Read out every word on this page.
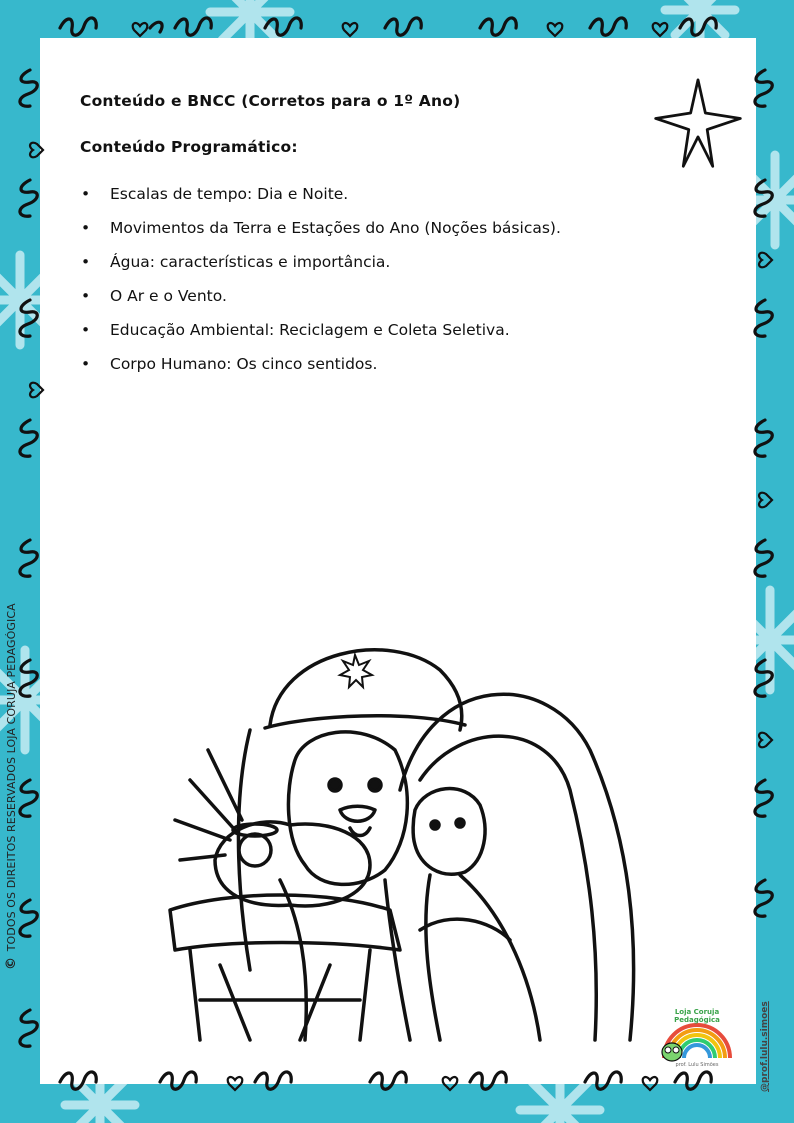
Conteúdo e BNCC (Corretos para o 1º Ano)
Conteúdo Programático:
• Escalas de tempo: Dia e Noite.
• Movimentos da Terra e Estações do Ano (Noções básicas).
• Água: características e importância.
• O Ar e o Vento.
• Educação Ambiental: Reciclagem e Coleta Seletiva.
• Corpo Humano: Os cinco sentidos.
© TODOS OS DIREITOS RESERVADOS LOJA CORUJA PEDAGÓGICA
Loja Coruja Pedagógica
prof. Lulu Simões	@prof.lulu.simoes
